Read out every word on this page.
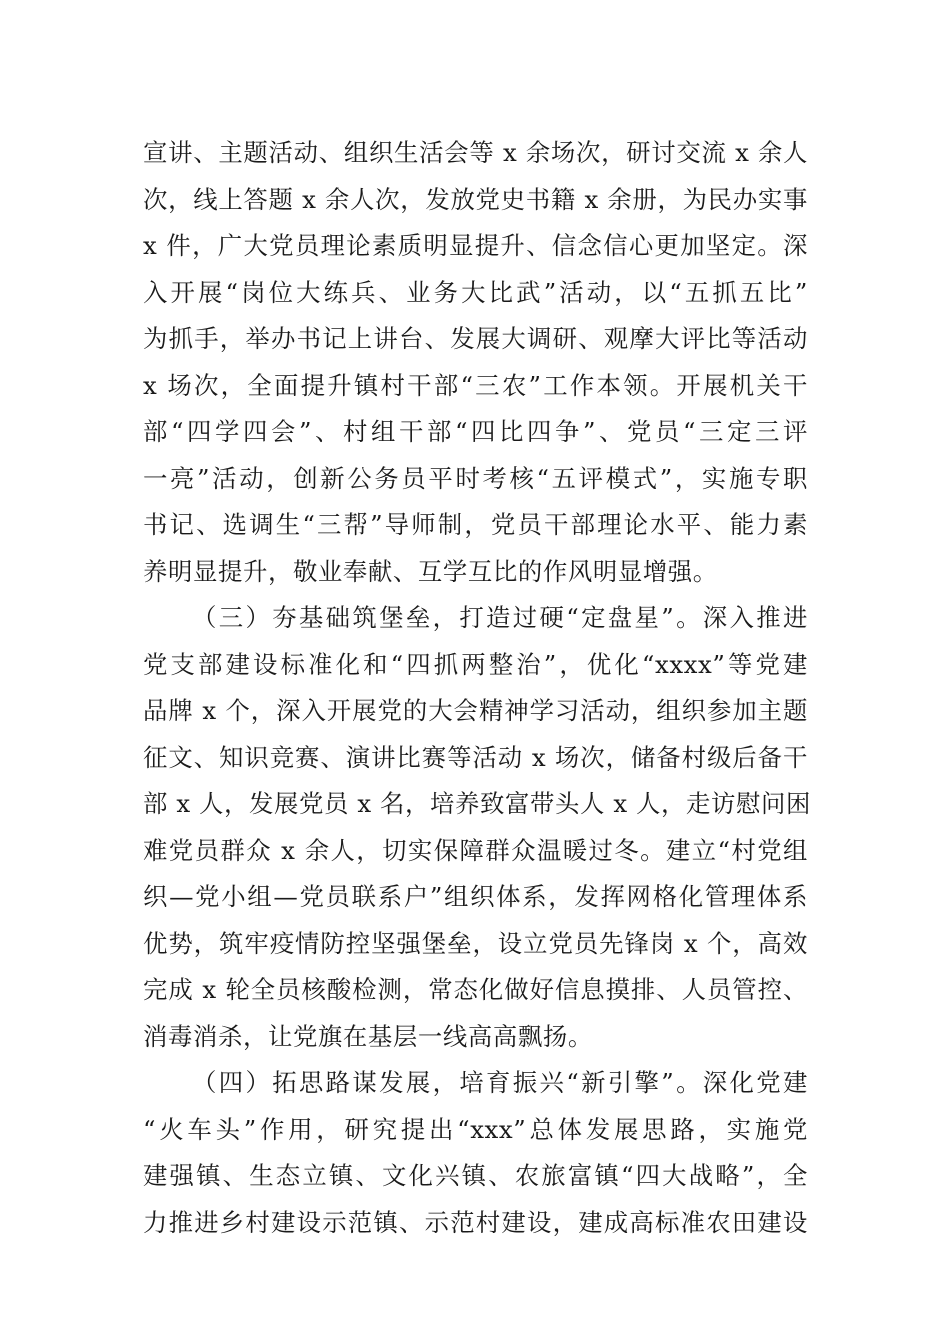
宣讲、主题活动、组织生活会等 x 余场次，研讨交流 x 余人
次，线上答题 x 余人次，发放党史书籍 x 余册，为民办实事
x 件，广大党员理论素质明显提升、信念信心更加坚定。深
入开展“岗位大练兵、业务大比武”活动，以“五抓五比”
为抓手，举办书记上讲台、发展大调研、观摩大评比等活动
x 场次，全面提升镇村干部“三农”工作本领。开展机关干
部“四学四会”、村组干部“四比四争”、党员“三定三评
一亮”活动，创新公务员平时考核“五评模式”，实施专职
书记、选调生“三帮”导师制，党员干部理论水平、能力素
养明显提升，敬业奉献、互学互比的作风明显增强。
（三）夯基础筑堡垒，打造过硬“定盘星”。深入推进
党支部建设标准化和“四抓两整治”，优化“xxxx”等党建
品牌 x 个，深入开展党的大会精神学习活动，组织参加主题
征文、知识竞赛、演讲比赛等活动 x 场次，储备村级后备干
部 x 人，发展党员 x 名，培养致富带头人 x 人，走访慰问困
难党员群众 x 余人，切实保障群众温暖过冬。建立“村党组
织—党小组—党员联系户”组织体系，发挥网格化管理体系
优势，筑牢疫情防控坚强堡垒，设立党员先锋岗 x 个，高效
完成 x 轮全员核酸检测，常态化做好信息摸排、人员管控、
消毒消杀，让党旗在基层一线高高飘扬。
（四）拓思路谋发展，培育振兴“新引擎”。深化党建
“火车头”作用，研究提出“xxx”总体发展思路，实施党
建强镇、生态立镇、文化兴镇、农旅富镇“四大战略”，全
力推进乡村建设示范镇、示范村建设，建成高标准农田建设
